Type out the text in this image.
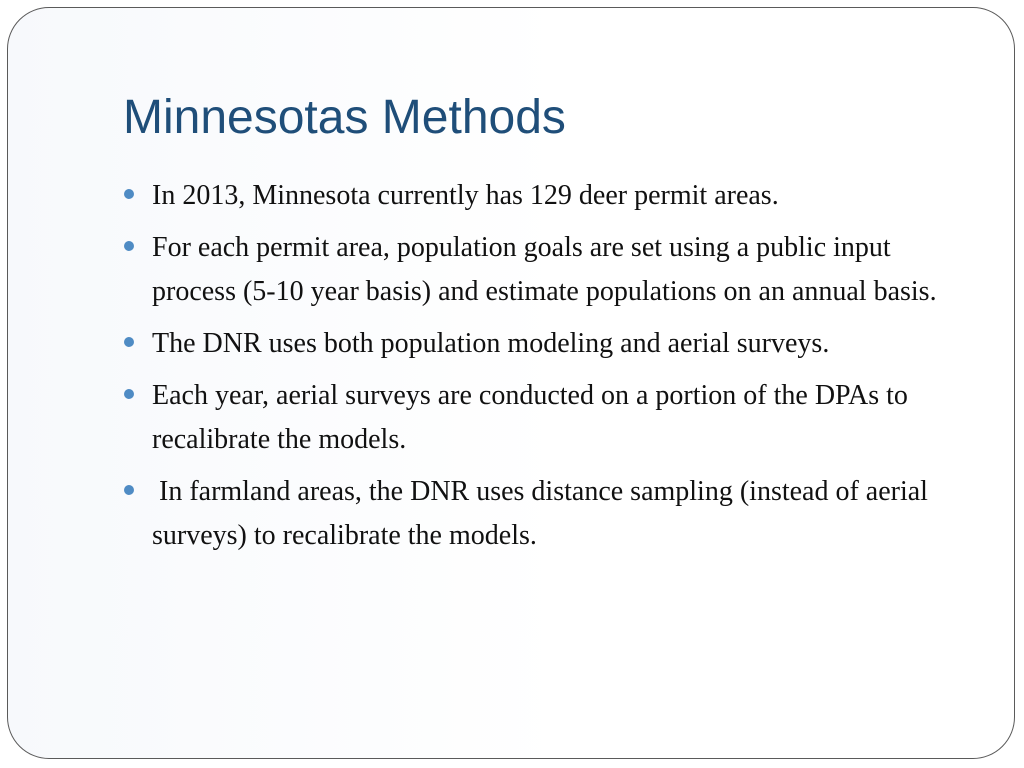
Minnesotas Methods
In 2013, Minnesota currently has 129 deer permit areas.
For each permit area, population goals are set using a public input process (5-10 year basis) and estimate populations on an annual basis.
The DNR uses both population modeling and aerial surveys.
Each year, aerial surveys are conducted on a portion of the DPAs to recalibrate the models.
In farmland areas, the DNR uses distance sampling (instead of aerial surveys) to recalibrate the models.
